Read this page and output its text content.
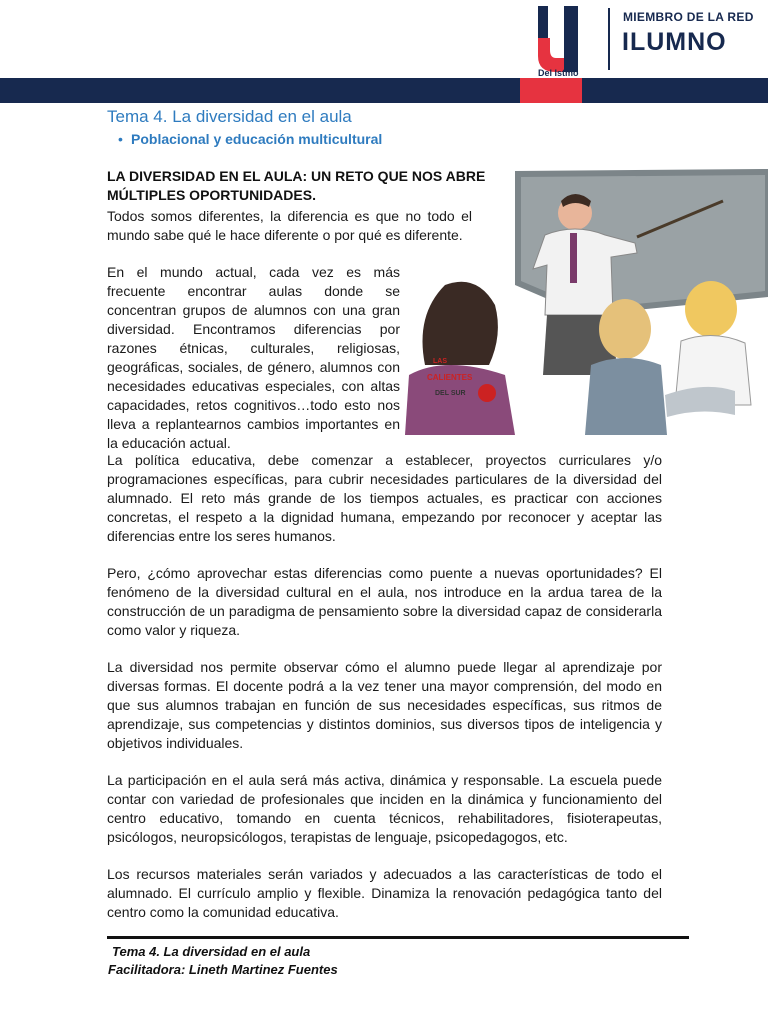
Del Istmo
MIEMBRO DE LA RED
ILUMNO
Tema 4. La diversidad en el aula
• Poblacional y educación multicultural
LA DIVERSIDAD EN EL AULA: UN RETO QUE NOS ABRE MÚLTIPLES OPORTUNIDADES.
Todos somos diferentes, la diferencia es que no todo el mundo sabe qué le hace diferente o por qué es diferente.
En el mundo actual, cada vez es más frecuente encontrar aulas donde se concentran grupos de alumnos con una gran diversidad. Encontramos diferencias por razones étnicas, culturales, religiosas, geográficas, sociales, de género, alumnos con necesidades educativas especiales, con altas capacidades, retos cognitivos…todo esto nos lleva a replantearnos cambios importantes en la educación actual.
LAS
CALIENTES
DEL SUR
La política educativa, debe comenzar a establecer, proyectos curriculares y/o programaciones específicas, para cubrir necesidades particulares de la diversidad del alumnado. El reto más grande de los tiempos actuales, es practicar con acciones concretas, el respeto a la dignidad humana, empezando por reconocer y aceptar las diferencias entre los seres humanos.
Pero, ¿cómo aprovechar estas diferencias como puente a nuevas oportunidades? El fenómeno de la diversidad cultural en el aula, nos introduce en la ardua tarea de la construcción de un paradigma de pensamiento sobre la diversidad capaz de considerarla como valor y riqueza.
La diversidad nos permite observar cómo el alumno puede llegar al aprendizaje por diversas formas. El docente podrá a la vez tener una mayor comprensión, del modo en que sus alumnos trabajan en función de sus necesidades específicas, sus ritmos de aprendizaje, sus competencias y distintos dominios, sus diversos tipos de inteligencia y objetivos individuales.
La participación en el aula será más activa, dinámica y responsable. La escuela puede contar con variedad de profesionales que inciden en la dinámica y funcionamiento del centro educativo, tomando en cuenta técnicos, rehabilitadores, fisioterapeutas, psicólogos, neuropsicólogos, terapistas de lenguaje, psicopedagogos, etc.
Los recursos materiales serán variados y adecuados a las características de todo el alumnado. El currículo amplio y flexible. Dinamiza la renovación pedagógica tanto del centro como la comunidad educativa.
Tema 4. La diversidad en el aula
Facilitadora: Lineth Martinez Fuentes
